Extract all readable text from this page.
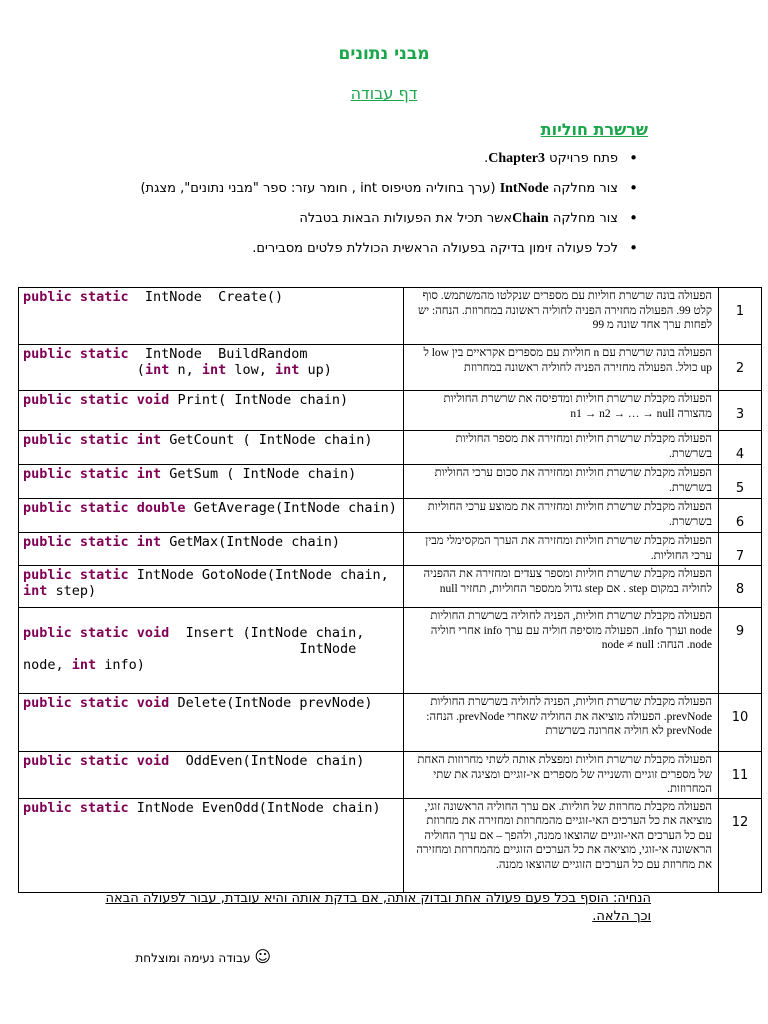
מבני נתונים
דף עבודה
שרשרת חוליות
• פתח פרויקט Chapter3.
• צור מחלקה IntNode (ערך בחוליה מטיפוס int , חומר עזר: ספר "מבני נתונים", מצגת)
• צור מחלקה Chainאשר תכיל את הפעולות הבאות בטבלה
• לכל פעולה זימון בדיקה בפעולה הראשית הכוללת פלטים מסבירים.
public static  IntNode  Create()	הפעולה בונה שרשרת חוליות עם מספרים שנקלטו מהמשתמש. סוף קלט 99. הפעולה מחזירה הפניה לחוליה ראשונה במחרוזת. הנחה: יש לפחות ערך אחד שונה מ 99	1
public static  IntNode  BuildRandom
(int n, int low, int up)	הפעולה בונה שרשרת עם n חוליות עם מספרים אקראיים בין low ל up כולל. הפעולה מחזירה הפניה לחוליה ראשונה במחרוזת	2
public static void Print( IntNode chain)	הפעולה מקבלת שרשרת חוליות ומדפיסה את שרשרת החוליות מהצורה n1 → n2 → … → null	3
public static int GetCount ( IntNode chain)	הפעולה מקבלת שרשרת חוליות ומחזירה את מספר החוליות בשרשרת.	4
public static int GetSum ( IntNode chain)	הפעולה מקבלת שרשרת חוליות ומחזירה את סכום ערכי החוליות בשרשרת.	5
public static double GetAverage(IntNode chain)	הפעולה מקבלת שרשרת חוליות ומחזירה את ממוצע ערכי החוליות בשרשרת.	6
public static int GetMax(IntNode chain)	הפעולה מקבלת שרשרת חוליות ומחזירה את הערך המקסימלי מבין ערכי החוליות.	7
public static IntNode GotoNode(IntNode chain,   int step)	הפעולה מקבלת שרשרת חוליות ומספר צעדים ומחזירה את ההפניה לחוליה במקום step . אם step גדול ממספר החוליות, תחזיר null	8

public static void  Insert (IntNode chain,
IntNode node, int info)	הפעולה מקבלת שרשרת חוליות, הפניה לחוליה בשרשרת החוליות node וערך info. הפעולה מוסיפה חוליה עם ערך info אחרי חוליה node. הנחה: node ≠ null	9
public static void Delete(IntNode prevNode)	הפעולה מקבלת שרשרת חוליות, הפניה לחוליה בשרשרת החוליות prevNode. הפעולה מוציאה את החוליה שאחרי prevNode. הנחה: prevNode לא חוליה אחרונה בשרשרת	10
public static void  OddEven(IntNode chain)	הפעולה מקבלת שרשרת חוליות ומפצלת אותה לשתי מחרוזות האחת של מספרים זוגיים והשנייה של מספרים אי-זוגיים ומציגה את שתי המחרוזות.	11
public static IntNode EvenOdd(IntNode chain)	הפעולה מקבלת מחרוזת של חוליות. אם ערך החוליה הראשונה זוגי, מוציאה את כל הערכים האי-זוגיים מהמחרוזת ומחזירה את מחרוזת עם כל הערכים האי-זוגיים שהוצאו ממנה, ולהפך – אם ערך החוליה הראשונה אי-זוגי, מוציאה את כל הערכים הזוגיים מהמחרוזת ומחזירה את מחרוזת עם כל הערכים הזוגיים שהוצאו ממנה.	12
הנחיה: הוסף בכל פעם פעולה אחת ובדוק אותה, אם בדקת אותה והיא עובדת, עבור לפעולה הבאה וכך הלאה.
☺ עבודה נעימה ומוצלחת
